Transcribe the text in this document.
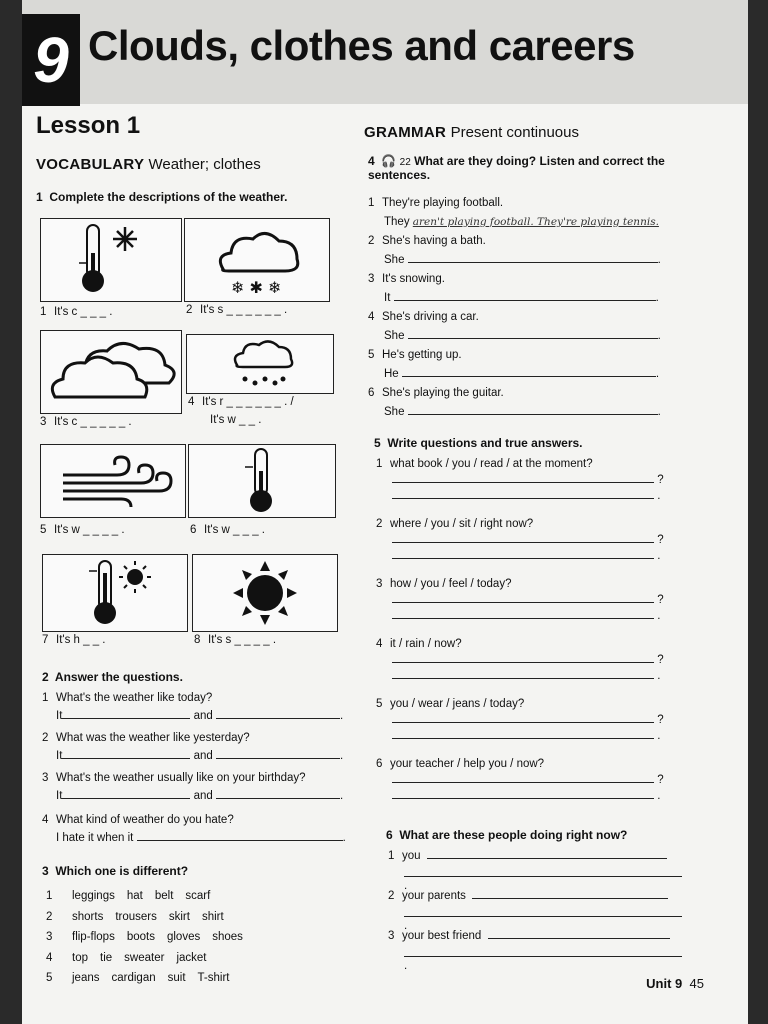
9 Clouds, clothes and careers
Lesson 1
VOCABULARY Weather; clothes
1 Complete the descriptions of the weather.
1 It's c _ _ _ .
❄ ✱ ❄
2 It's s _ _ _ _ _ _ .
3 It's c _ _ _ _ _ .
4 It's r _ _ _ _ _ _ . /
It's w _ _ .
5 It's w _ _ _ _ .	6 It's w _ _ _ .
7 It's h _ _ .	8 It's s _ _ _ _ .
2 Answer the questions.
1 What's the weather like today?
It	and	.
2 What was the weather like yesterday?
It	and	.
3 What's the weather usually like on your birthday?
It	and	.
4 What kind of weather do you hate?
I hate it when it	.
3 Which one is different?
1 leggings hat belt scarf
2 shorts trousers skirt shirt
3 flip-flops boots gloves shoes
4 top tie sweater jacket
5 jeans cardigan suit T-shirt
GRAMMAR Present continuous
4 🎧 22 What are they doing? Listen and correct the sentences.
1 They're playing football.
They aren't playing football. They're playing tennis.
2 She's having a bath.
She	.
3 It's snowing.
It	.
4 She's driving a car.
She	.
5 He's getting up.
He	.
6 She's playing the guitar.
She	.
5 Write questions and true answers.
1 what book / you / read / at the moment?
?
.
2 where / you / sit / right now?
?
.
3 how / you / feel / today?
?
.
4 it / rain / now?
?
.
5 you / wear / jeans / today?
?
.
6 your teacher / help you / now?
?
.
6 What are these people doing right now?
1 you
.
2 your parents
.
3 your best friend
.
Unit 9 45
